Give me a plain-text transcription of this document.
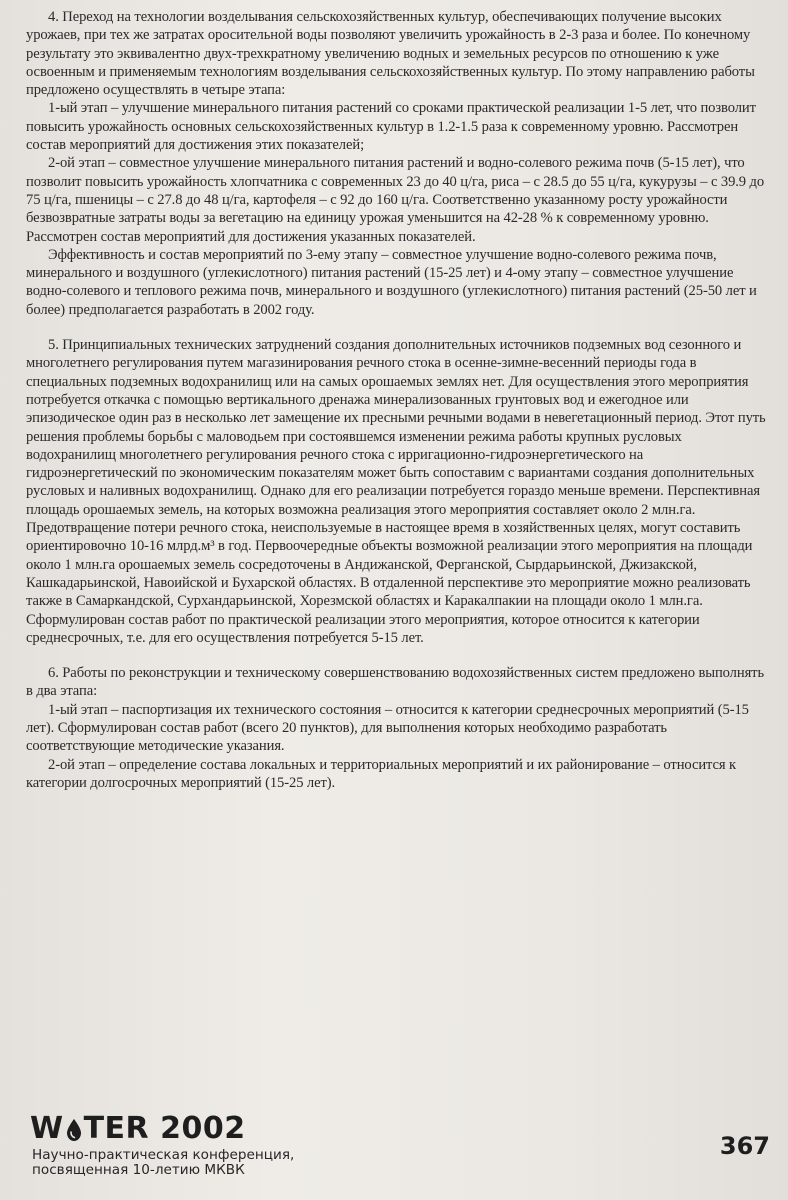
4. Переход на технологии возделывания сельскохозяйственных культур, обеспечивающих получение высоких урожаев, при тех же затратах оросительной воды позволяют увеличить урожайность в 2-3 раза и более. По конечному результату это эквивалентно двух-трехкратному увеличению водных и земельных ресурсов по отношению к уже освоенным и применяемым технологиям возделывания сельскохозяйственных культур. По этому направлению работы предложено осуществлять в четыре этапа:

1-ый этап – улучшение минерального питания растений со сроками практической реализации 1-5 лет, что позволит повысить урожайность основных сельскохозяйственных культур в 1.2-1.5 раза к современному уровню. Рассмотрен состав мероприятий для достижения этих показателей;

2-ой этап – совместное улучшение минерального питания растений и водно-солевого режима почв (5-15 лет), что позволит повысить урожайность хлопчатника с современных 23 до 40 ц/га, риса – с 28.5 до 55 ц/га, кукурузы – с 39.9 до 75 ц/га, пшеницы – с 27.8 до 48 ц/га, картофеля – с 92 до 160 ц/га. Соответственно указанному росту урожайности безвозвратные затраты воды за вегетацию на единицу урожая уменьшится на 42-28 % к современному уровню. Рассмотрен состав мероприятий для достижения указанных показателей.

Эффективность и состав мероприятий по 3-ему этапу – совместное улучшение водно-солевого режима почв, минерального и воздушного (углекислотного) питания растений (15-25 лет) и 4-ому этапу – совместное улучшение водно-солевого и теплового режима почв, минерального и воздушного (углекислотного) питания растений (25-50 лет и более) предполагается разработать в 2002 году.

5. Принципиальных технических затруднений создания дополнительных источников подземных вод сезонного и многолетнего регулирования путем магазинирования речного стока в осенне-зимне-весенний периоды года в специальных подземных водохранилищ или на самых орошаемых землях нет. Для осуществления этого мероприятия потребуется откачка с помощью вертикального дренажа минерализованных грунтовых вод и ежегодное или эпизодическое один раз в несколько лет замещение их пресными речными водами в невегетационный период. Этот путь решения проблемы борьбы с маловодьем при состоявшемся изменении режима работы крупных русловых водохранилищ многолетнего регулирования речного стока с ирригационно-гидроэнергетического на гидроэнергетический по экономическим показателям может быть сопоставим с вариантами создания дополнительных русловых и наливных водохранилищ. Однако для его реализации потребуется гораздо меньше времени. Перспективная площадь орошаемых земель, на которых возможна реализация этого мероприятия составляет около 2 млн.га. Предотвращение потери речного стока, неиспользуемые в настоящее время в хозяйственных целях, могут составить ориентировочно 10-16 млрд.м³ в год. Первоочередные объекты возможной реализации этого мероприятия на площади около 1 млн.га орошаемых земель сосредоточены в Андижанской, Ферганской, Сырдарьинской, Джизакской, Кашкадарьинской, Навоийской и Бухарской областях. В отдаленной перспективе это мероприятие можно реализовать также в Самаркандской, Сурхандарьинской, Хорезмской областях и Каракалпакии на площади около 1 млн.га. Сформулирован состав работ по практической реализации этого мероприятия, которое относится к категории среднесрочных, т.е. для его осуществления потребуется 5-15 лет.

6. Работы по реконструкции и техническому совершенствованию водохозяйственных систем предложено выполнять в два этапа:

1-ый этап – паспортизация их технического состояния – относится к категории среднесрочных мероприятий (5-15 лет). Сформулирован состав работ (всего 20 пунктов), для выполнения которых необходимо разработать соответствующие методические указания.

2-ой этап – определение состава локальных и территориальных мероприятий и их районирование – относится к категории долгосрочных мероприятий (15-25 лет).

W TER 2002
Научно-практическая конференция,
посвященная 10-летию МКВК
367
